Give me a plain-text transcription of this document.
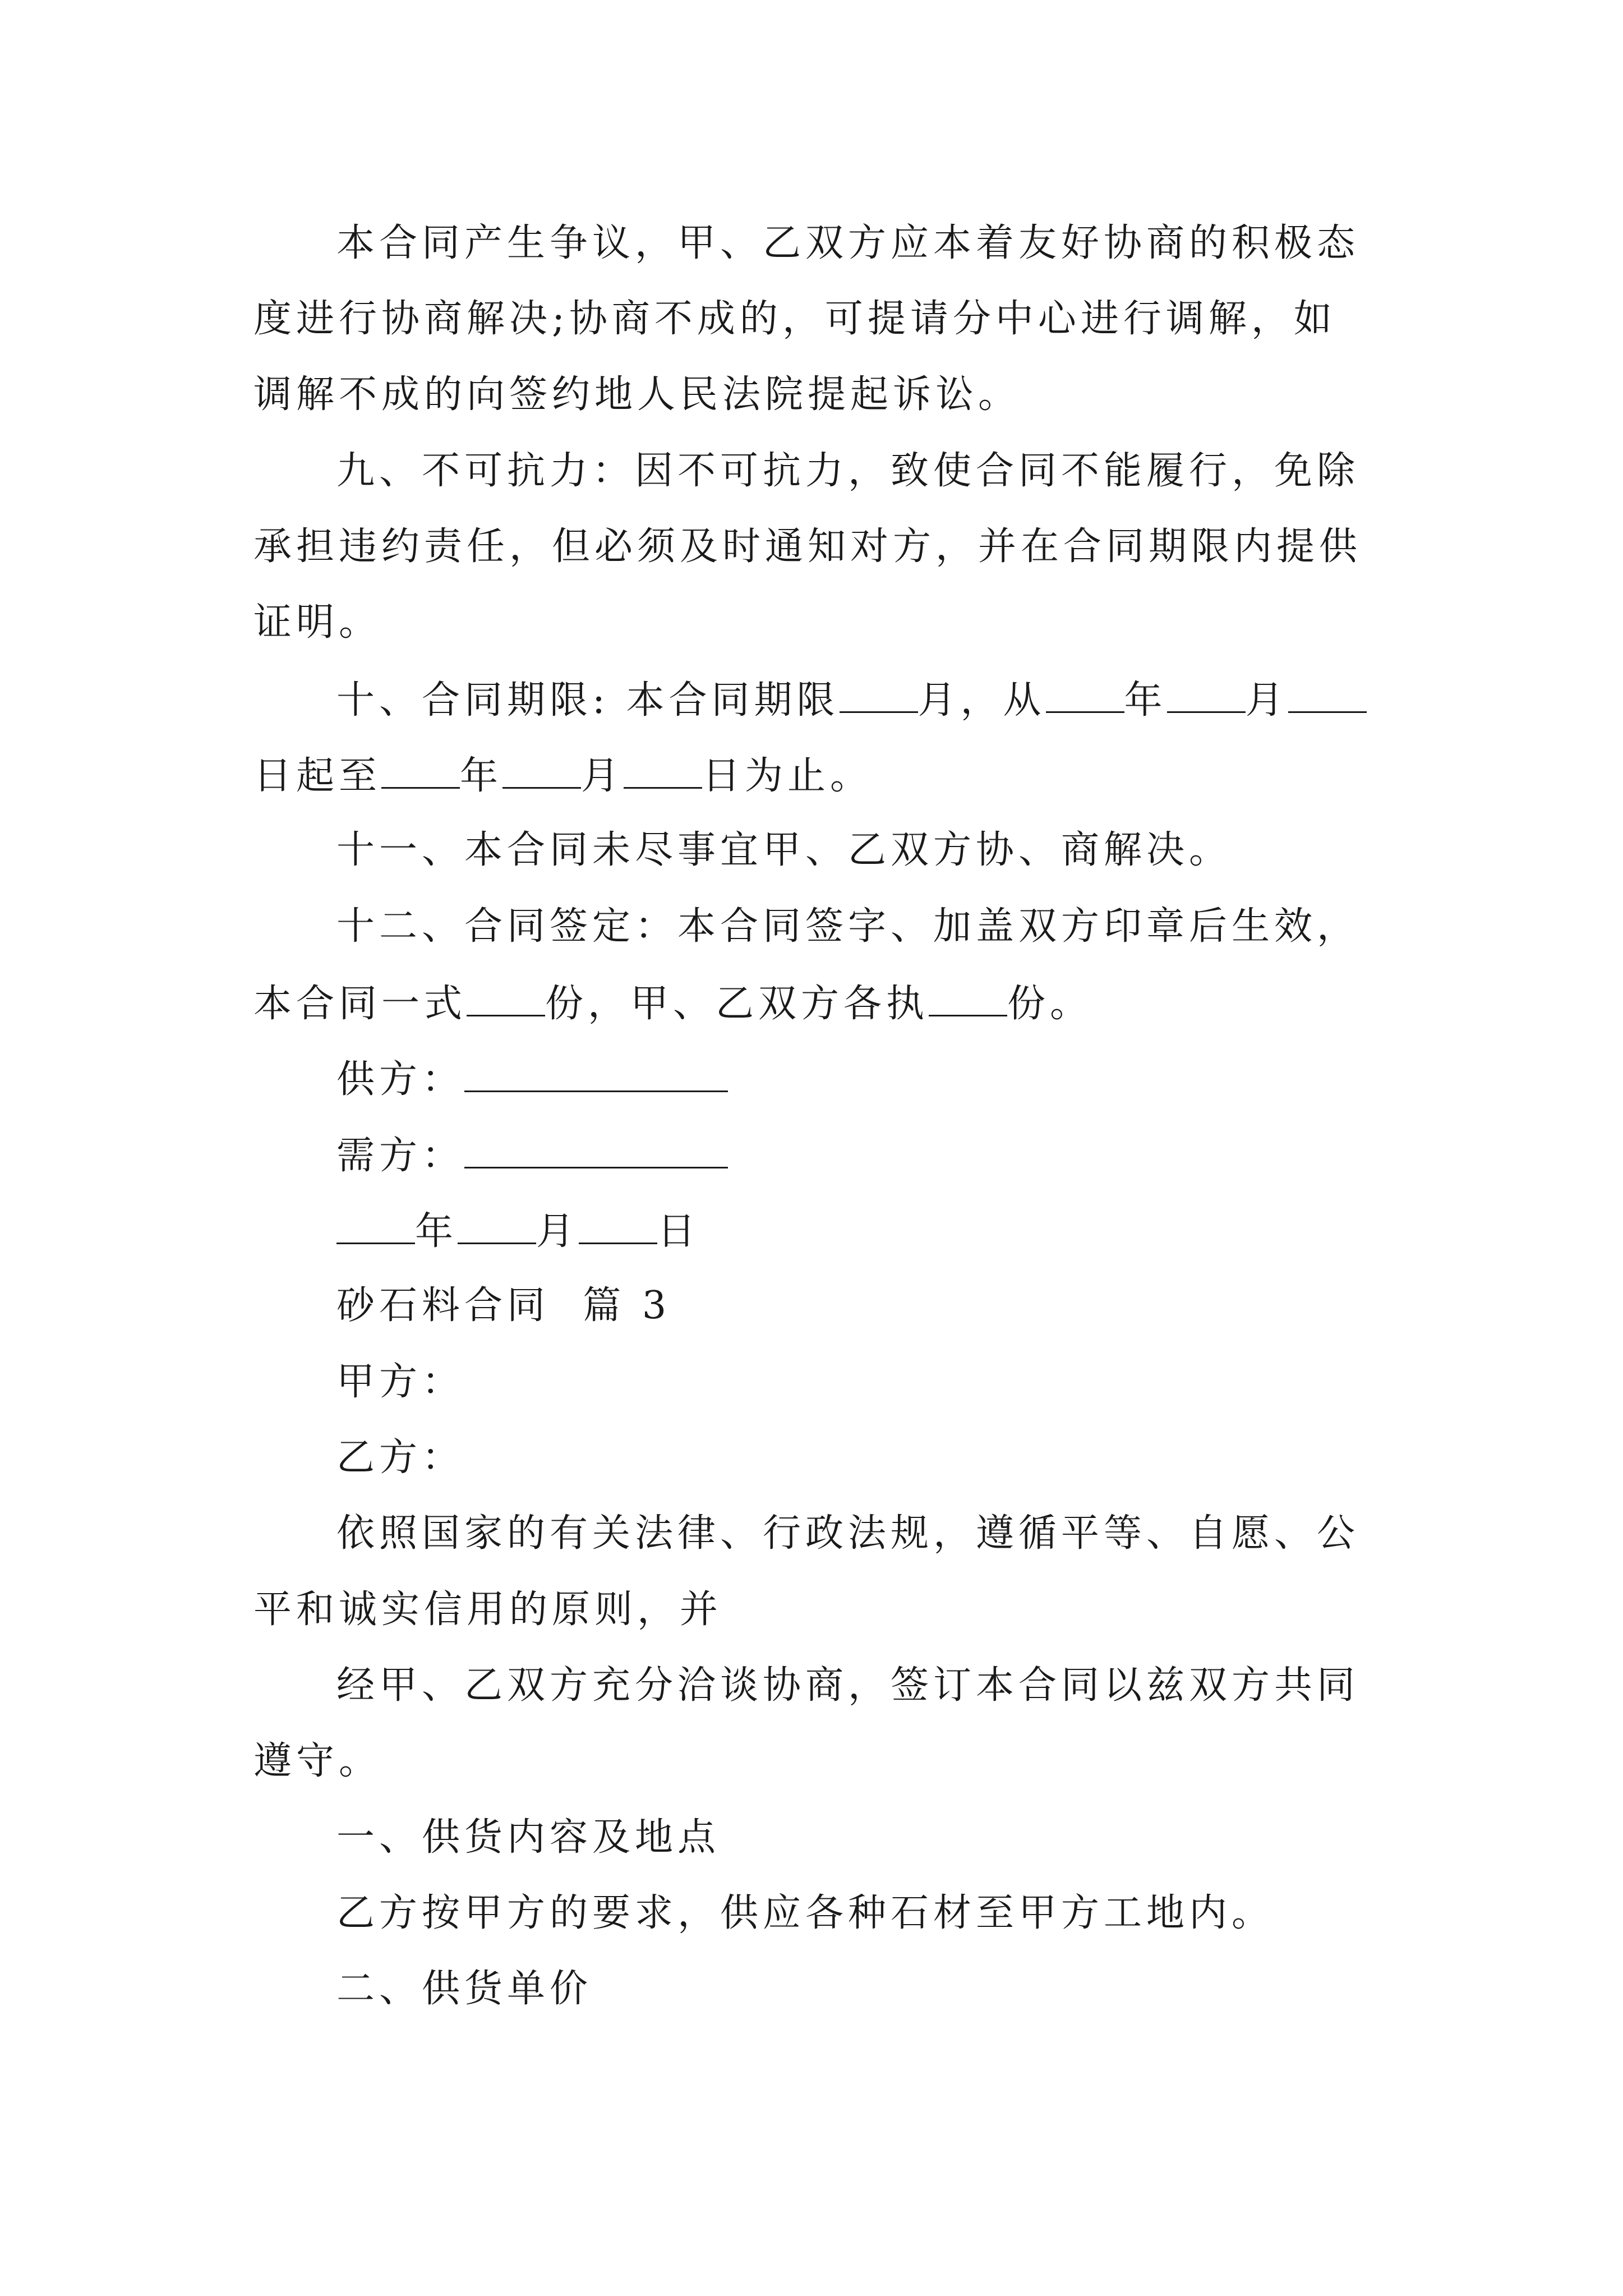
本合同产生争议，甲、乙双方应本着友好协商的积极态
度进行协商解决;协商不成的，可提请分中心进行调解，如
调解不成的向签约地人民法院提起诉讼。
九、不可抗力：因不可抗力，致使合同不能履行，免除
承担违约责任，但必须及时通知对方，并在合同期限内提供
证明。
十、合同期限: 本合同期限 月，从 年 月
日起至 年 月 日为止。
十一、本合同未尽事宜甲、乙双方协、商解决。
十二、合同签定：本合同签字、加盖双方印章后生效，
本合同一式 份，甲、乙双方各执 份。
供方：
需方：
年 月 日
砂石料合同  篇 3
甲方：
乙方：
依照国家的有关法律、行政法规，遵循平等、自愿、公
平和诚实信用的原则，并
经甲、乙双方充分洽谈协商，签订本合同以兹双方共同
遵守。
一、供货内容及地点
乙方按甲方的要求，供应各种石材至甲方工地内。
二、供货单价
